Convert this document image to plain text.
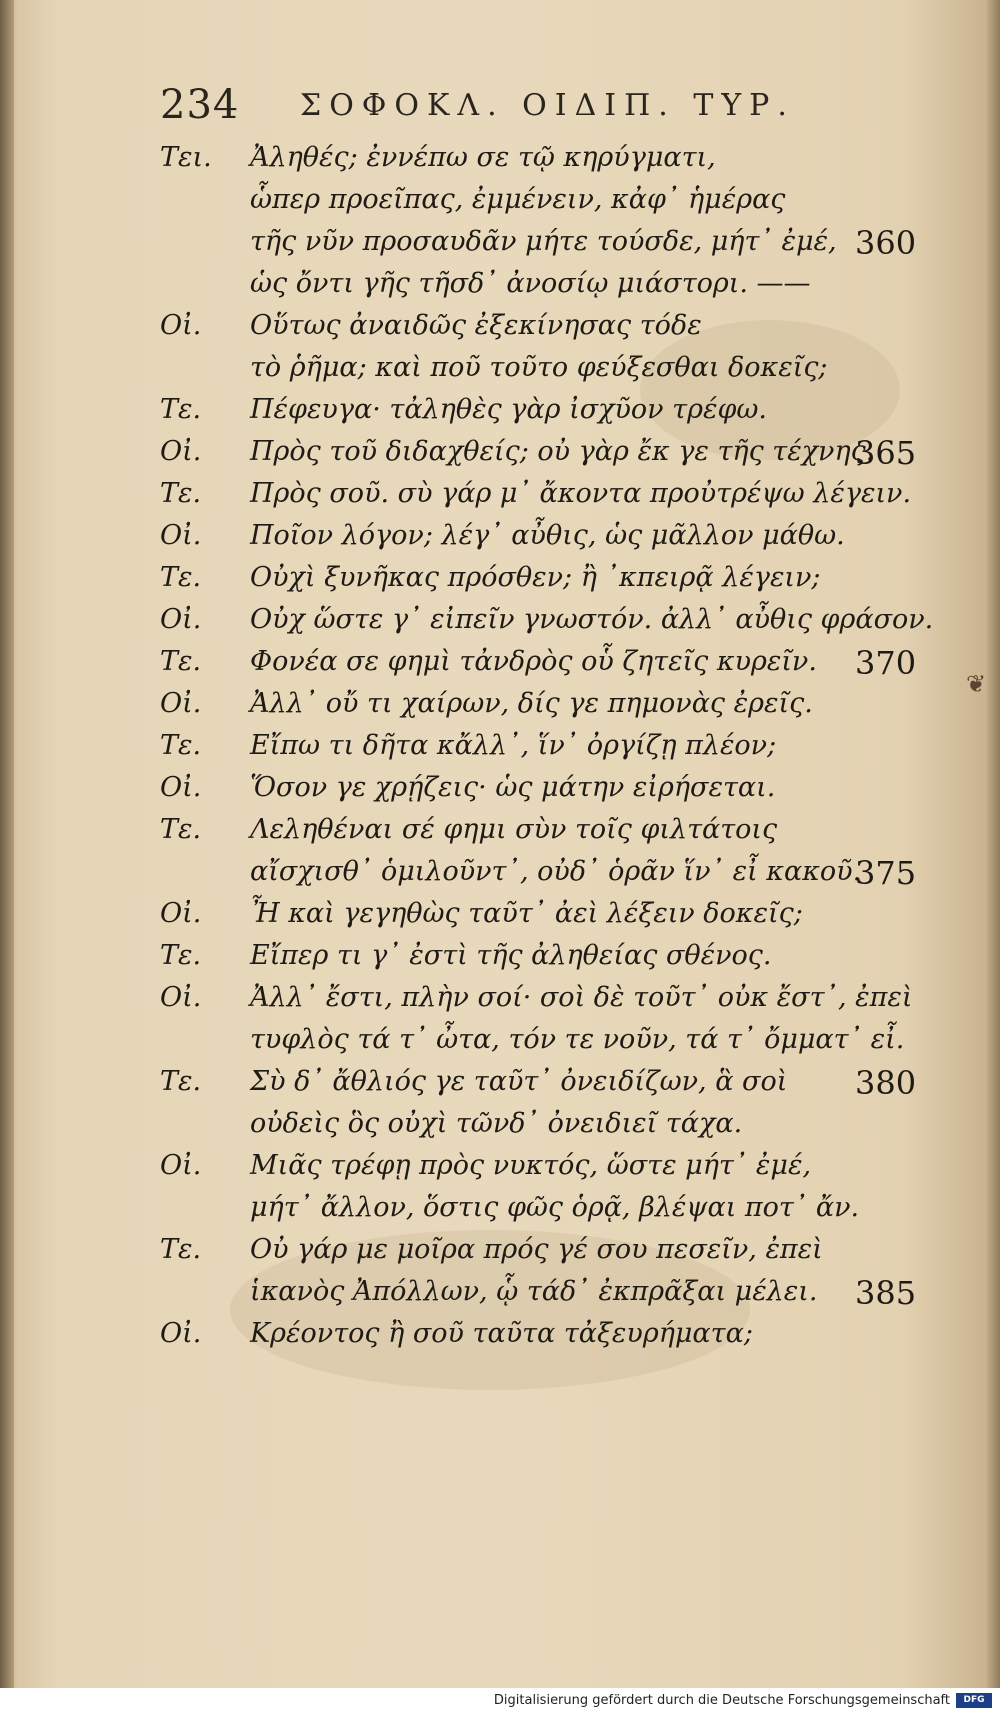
234 ΣΟΦΟΚΛ. ΟΙΔΙΠ. ΤΥΡ.
Τει. Ἀληθές; ἐννέπω σε τῷ κηρύγματι,
ὧπερ προεῖπας, ἐμμένειν, κἀφ᾽ ἡμέρας
τῆς νῦν προσαυδᾶν μήτε τούσδε, μήτ᾽ ἐμέ, 360
ὡς ὄντι γῆς τῆσδ᾽ ἀνοσίῳ μιάστορι. ——
Οἰ. Οὕτως ἀναιδῶς ἐξεκίνησας τόδε
τὸ ῥῆμα; καὶ ποῦ τοῦτο φεύξεσθαι δοκεῖς;
Τε. Πέφευγα· τἀληθὲς γὰρ ἰσχῦον τρέφω.
Οἰ. Πρὸς τοῦ διδαχθείς; οὐ γὰρ ἔκ γε τῆς τέχνης.
365
Τε. Πρὸς σοῦ. σὺ γάρ μ᾽ ἄκοντα προὐτρέψω λέγειν.
Οἰ. Ποῖον λόγον; λέγ᾽ αὖθις, ὡς μᾶλλον μάθω.
Τε. Οὐχὶ ξυνῆκας πρόσθεν; ἢ ᾽κπειρᾷ λέγειν;
Οἰ. Οὐχ ὥστε γ᾽ εἰπεῖν γνωστόν. ἀλλ᾽ αὖθις φράσον.
Τε. Φονέα σε φημὶ τἀνδρὸς οὗ ζητεῖς κυρεῖν. 370
Οἰ. Ἀλλ᾽ οὔ τι χαίρων, δίς γε πημονὰς ἐρεῖς.
Τε. Εἴπω τι δῆτα κἄλλ᾽, ἵν᾽ ὀργίζῃ πλέον;
Οἰ. Ὅσον γε χρῄζεις· ὡς μάτην εἰρήσεται.
Τε. Λεληθέναι σέ φημι σὺν τοῖς φιλτάτοις
αἴσχισθ᾽ ὁμιλοῦντ᾽, οὐδ᾽ ὁρᾶν ἵν᾽ εἶ κακοῦ.
375
Οἰ. Ἦ καὶ γεγηθὼς ταῦτ᾽ ἀεὶ λέξειν δοκεῖς;
Τε. Εἴπερ τι γ᾽ ἐστὶ τῆς ἀληθείας σθένος.
Οἰ. Ἀλλ᾽ ἔστι, πλὴν σοί· σοὶ δὲ τοῦτ᾽ οὐκ ἔστ᾽, ἐπεὶ
τυφλὸς τά τ᾽ ὦτα, τόν τε νοῦν, τά τ᾽ ὄμματ᾽ εἶ.
Τε. Σὺ δ᾽ ἄθλιός γε ταῦτ᾽ ὀνειδίζων, ἃ σοὶ 380
οὐδεὶς ὃς οὐχὶ τῶνδ᾽ ὀνειδιεῖ τάχα.
Οἰ. Μιᾶς τρέφῃ πρὸς νυκτός, ὥστε μήτ᾽ ἐμέ,
μήτ᾽ ἄλλον, ὅστις φῶς ὁρᾷ, βλέψαι ποτ᾽ ἄν.
Τε. Οὐ γάρ με μοῖρα πρός γέ σου πεσεῖν, ἐπεὶ
ἱκανὸς Ἀπόλλων, ᾧ τάδ᾽ ἐκπρᾶξαι μέλει. 385
Οἰ. Κρέοντος ἢ σοῦ ταῦτα τἀξευρήματα;
❦
Digitalisierung gefördert durch die Deutsche Forschungsgemeinschaft	DFG
